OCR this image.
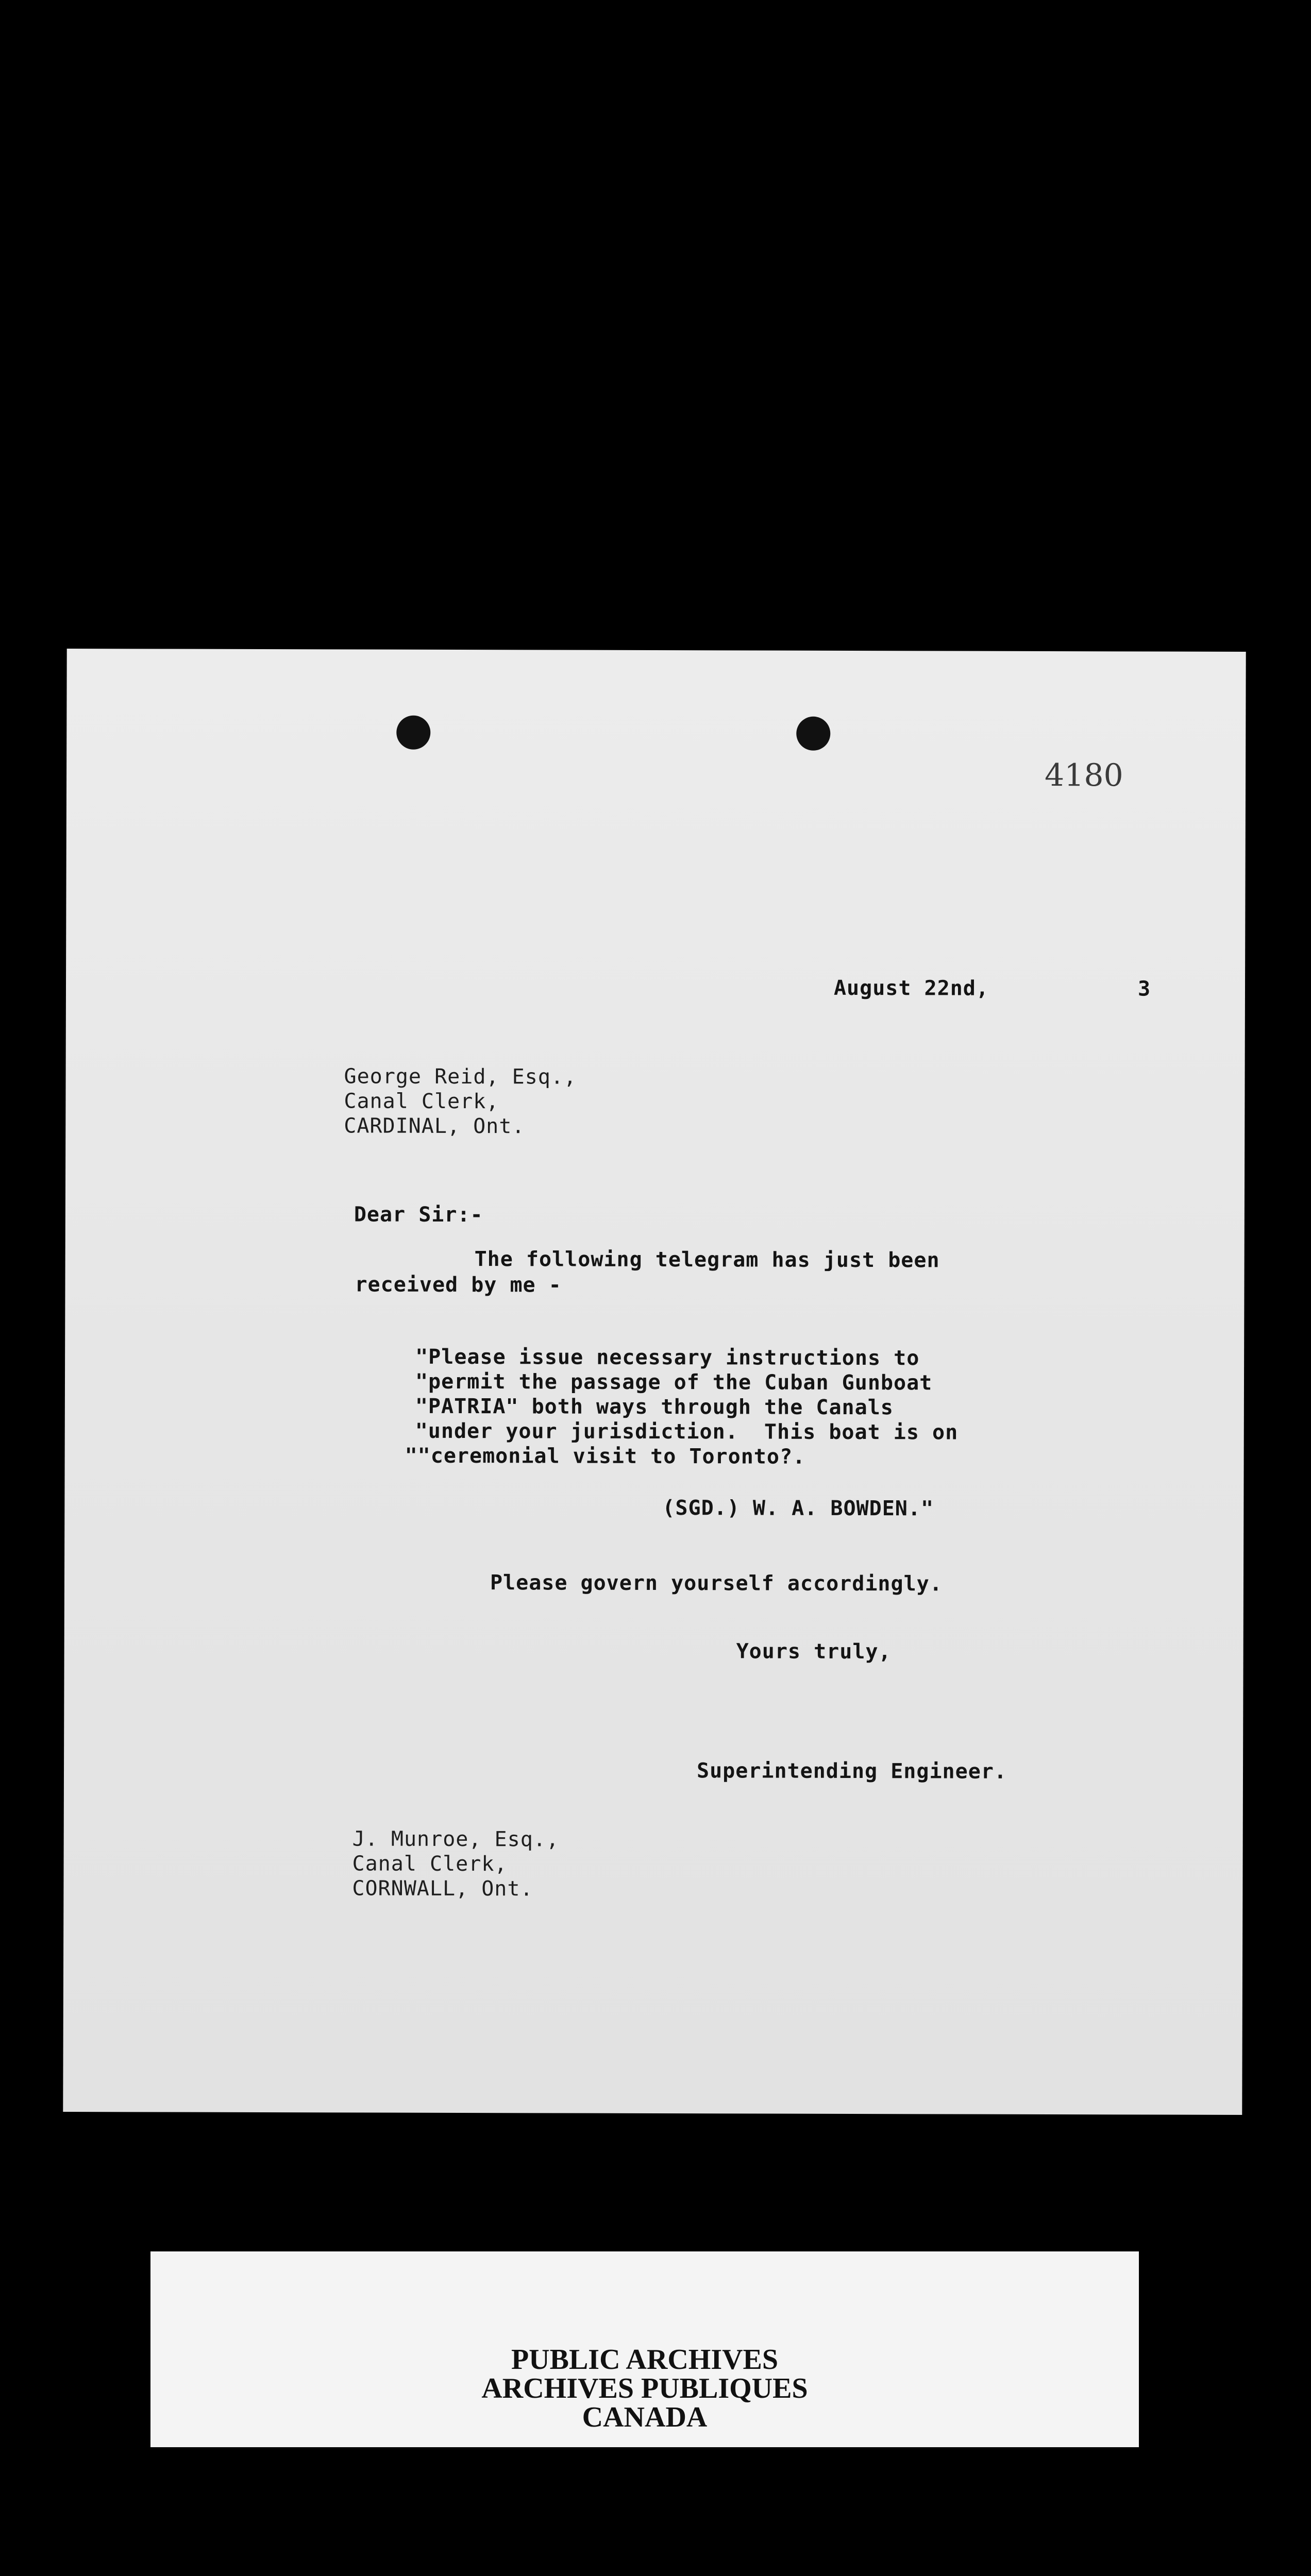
4180
August 22nd,	3
George Reid, Esq.,
Canal Clerk,
CARDINAL, Ont.
Dear Sir:-
The following telegram has just been
received by me -
"Please issue necessary instructions to
"permit the passage of the Cuban Gunboat
"PATRIA" both ways through the Canals
"under your jurisdiction.  This boat is on
""ceremonial visit to Toronto?.
(SGD.) W. A. BOWDEN."
Please govern yourself accordingly.
Yours truly,
Superintending Engineer.
J. Munroe, Esq.,
Canal Clerk,
CORNWALL, Ont.
PUBLIC ARCHIVES
ARCHIVES PUBLIQUES
CANADA
